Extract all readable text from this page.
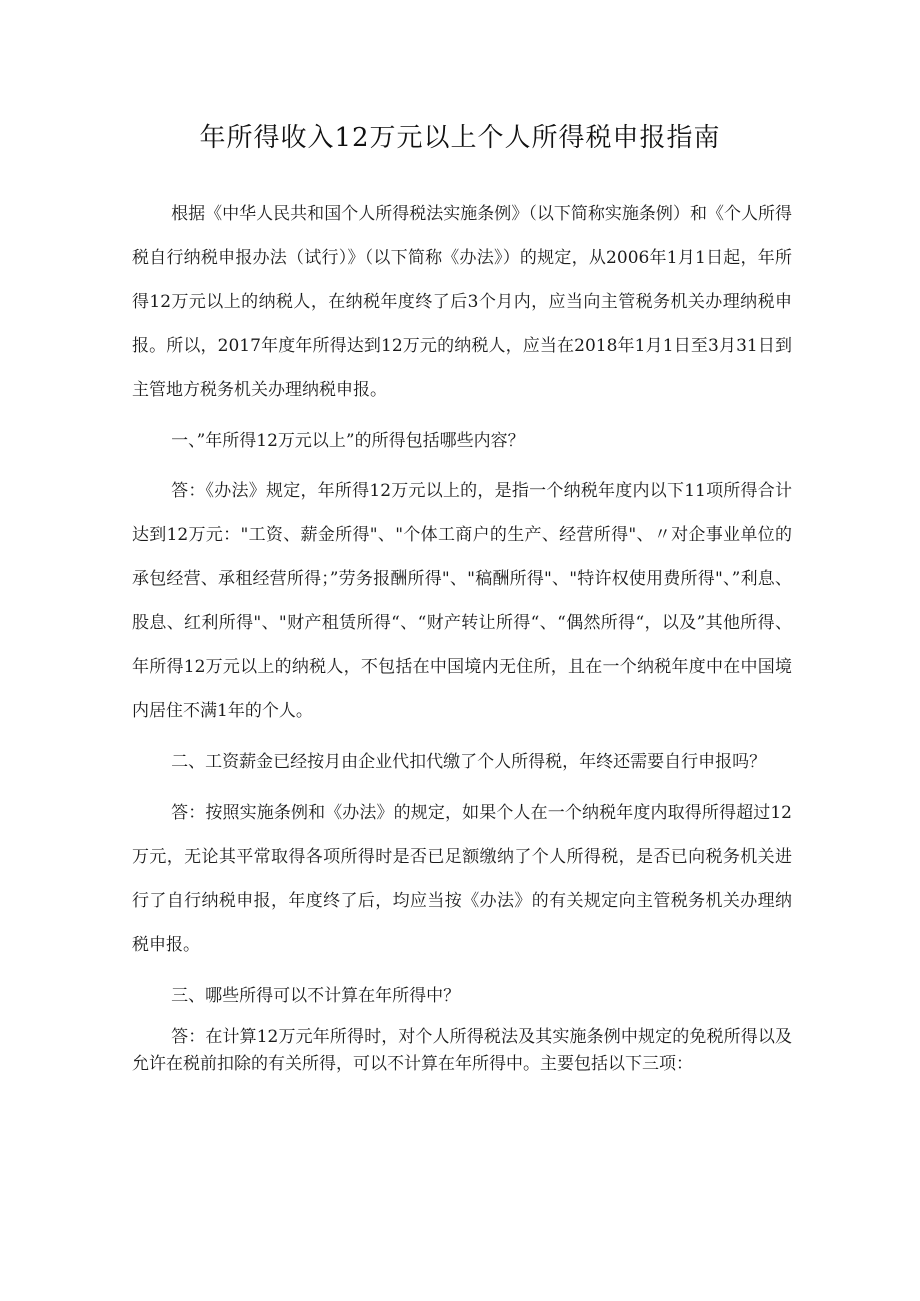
年所得收入12万元以上个人所得税申报指南

根据《中华人民共和国个人所得税法实施条例》（以下简称实施条例）和《个人所得税自行纳税申报办法（试行）》（以下简称《办法》）的规定，从2006年1月1日起，年所得12万元以上的纳税人，在纳税年度终了后3个月内，应当向主管税务机关办理纳税申报。所以，2017年度年所得达到12万元的纳税人，应当在2018年1月1日至3月31日到主管地方税务机关办理纳税申报。

一、”年所得12万元以上”的所得包括哪些内容？

答：《办法》规定，年所得12万元以上的，是指一个纳税年度内以下11项所得合计达到12万元："工资、薪金所得"、"个体工商户的生产、经营所得"、〃对企事业单位的承包经营、承租经营所得；”劳务报酬所得"、"稿酬所得"、"特许权使用费所得"、”利息、股息、红利所得"、"财产租赁所得“、“财产转让所得“、“偶然所得“，以及”其他所得、年所得12万元以上的纳税人，不包括在中国境内无住所，且在一个纳税年度中在中国境内居住不满1年的个人。

二、工资薪金已经按月由企业代扣代缴了个人所得税，年终还需要自行申报吗？

答：按照实施条例和《办法》的规定，如果个人在一个纳税年度内取得所得超过12万元，无论其平常取得各项所得时是否已足额缴纳了个人所得税，是否已向税务机关进行了自行纳税申报，年度终了后，均应当按《办法》的有关规定向主管税务机关办理纳税申报。

三、哪些所得可以不计算在年所得中？

答：在计算12万元年所得时，对个人所得税法及其实施条例中规定的免税所得以及允许在税前扣除的有关所得，可以不计算在年所得中。主要包括以下三项：
